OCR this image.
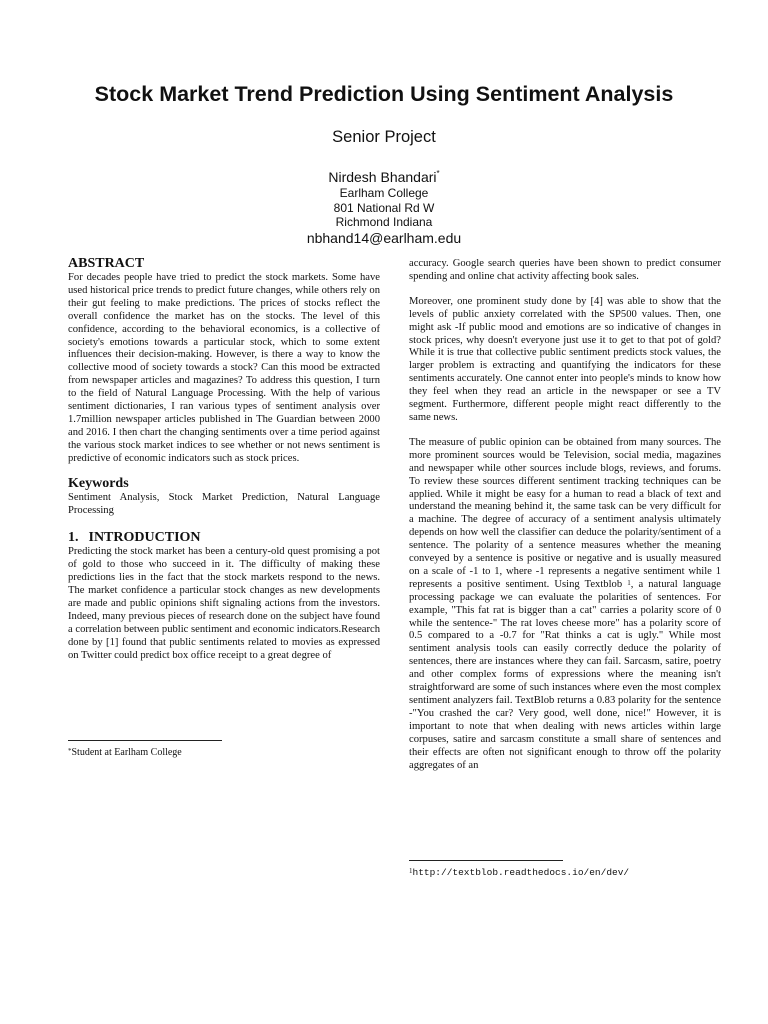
Stock Market Trend Prediction Using Sentiment Analysis
Senior Project
Nirdesh Bhandari*
Earlham College
801 National Rd W
Richmond Indiana
nbhand14@earlham.edu
ABSTRACT

For decades people have tried to predict the stock markets. Some have used historical price trends to predict future changes, while others rely on their gut feeling to make predictions. The prices of stocks reflect the overall confidence the market has on the stocks. The level of this confidence, according to the behavioral economics, is a collective of society's emotions towards a particular stock, which to some extent influences their decision-making. However, is there a way to know the collective mood of society towards a stock? Can this mood be extracted from newspaper articles and magazines? To address this question, I turn to the field of Natural Language Processing. With the help of various sentiment dictionaries, I ran various types of sentiment analysis over 1.7million newspaper articles published in The Guardian between 2000 and 2016. I then chart the changing sentiments over a time period against the various stock market indices to see whether or not news sentiment is predictive of economic indicators such as stock prices.

Keywords

Sentiment Analysis, Stock Market Prediction, Natural Language Processing

1. INTRODUCTION

Predicting the stock market has been a century-old quest promising a pot of gold to those who succeed in it. The difficulty of making these predictions lies in the fact that the stock markets respond to the news. The market confidence a particular stock changes as new developments are made and public opinions shift signaling actions from the investors. Indeed, many previous pieces of research done on the subject have found a correlation between public sentiment and economic indicators.Research done by [1] found that public sentiments related to movies as expressed on Twitter could predict box office receipt to a great degree of

*Student at Earlham College

accuracy. Google search queries have been shown to predict consumer spending and online chat activity affecting book sales.

Moreover, one prominent study done by [4] was able to show that the levels of public anxiety correlated with the SP500 values. Then, one might ask -If public mood and emotions are so indicative of changes in stock prices, why doesn't everyone just use it to get to that pot of gold? While it is true that collective public sentiment predicts stock values, the larger problem is extracting and quantifying the indicators for these sentiments accurately. One cannot enter into people's minds to know how they feel when they read an article in the newspaper or see a TV segment. Furthermore, different people might react differently to the same news.

The measure of public opinion can be obtained from many sources. The more prominent sources would be Television, social media, magazines and newspaper while other sources include blogs, reviews, and forums. To review these sources different sentiment tracking techniques can be applied. While it might be easy for a human to read a black of text and understand the meaning behind it, the same task can be very difficult for a machine. The degree of accuracy of a sentiment analysis ultimately depends on how well the classifier can deduce the polarity/sentiment of a sentence. The polarity of a sentence measures whether the meaning conveyed by a sentence is positive or negative and is usually measured on a scale of -1 to 1, where -1 represents a negative sentiment while 1 represents a positive sentiment. Using Textblob $^1$, a natural language processing package we can evaluate the polarities of sentences. For example, "This fat rat is bigger than a cat" carries a polarity score of 0 while the sentence-" The rat loves cheese more" has a polarity score of 0.5 compared to a -0.7 for "Rat thinks a cat is ugly." While most sentiment analysis tools can easily correctly deduce the polarity of sentences, there are instances where they can fail. Sarcasm, satire, poetry and other complex forms of expressions where the meaning isn't straightforward are some of such instances where even the most complex sentiment analyzers fail. TextBlob returns a 0.83 polarity for the sentence -"You crashed the car? Very good, well done, nice!" However, it is important to note that when dealing with news articles within large corpuses, satire and sarcasm constitute a small share of sentences and their effects are often not significant enough to throw off the polarity aggregates of an

$^1$http://textblob.readthedocs.io/en/dev/
